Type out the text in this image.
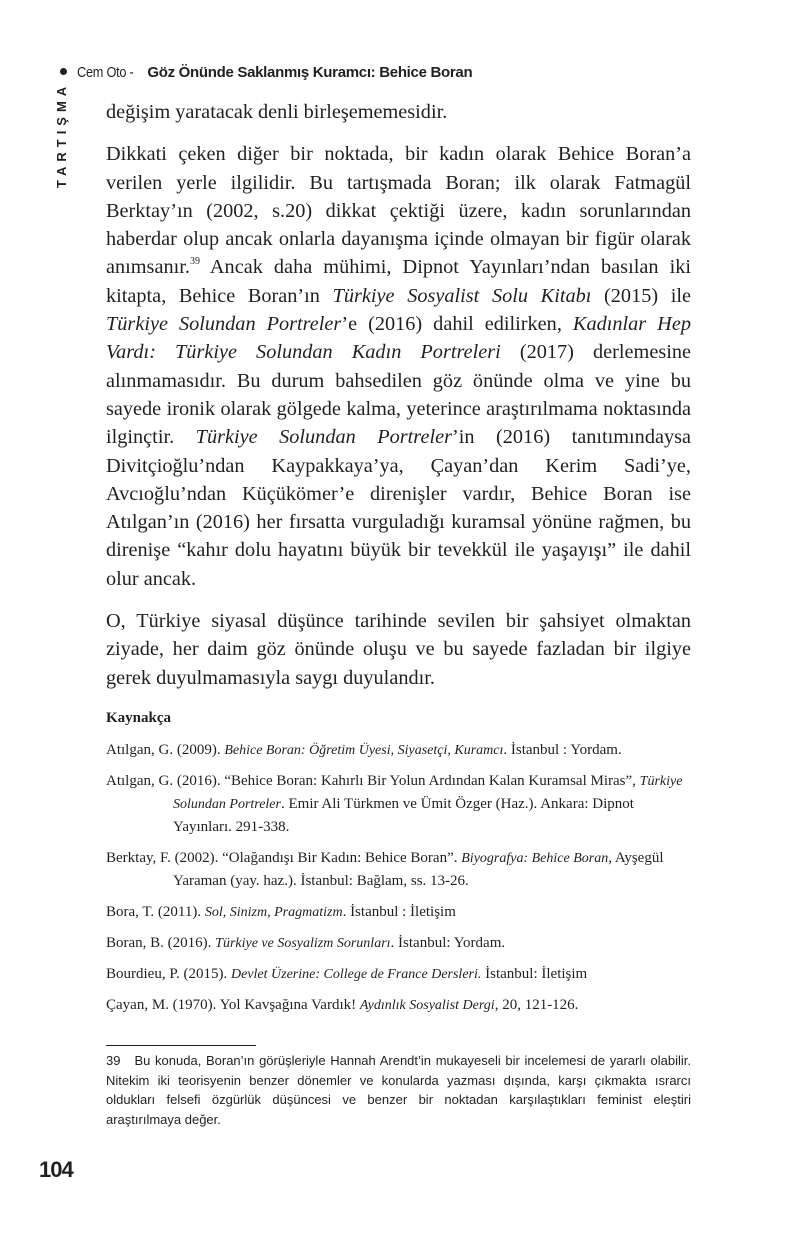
Cem Oto - Göz Önünde Saklanmış Kuramcı: Behice Boran
TARTIŞMA değişim yaratacak denli birleşememesidir.

Dikkati çeken diğer bir noktada, bir kadın olarak Behice Boran’a verilen yerle ilgilidir. Bu tartışmada Boran; ilk olarak Fatmagül Berktay’ın (2002, s.20) dikkat çektiği üzere, kadın sorunlarından haberdar olup ancak onlarla dayanışma içinde olmayan bir figür olarak anımsanır.$^{39}$ Ancak daha mühimi, Dipnot Yayınları’ndan basılan iki kitapta, Behice Boran’ın Türkiye Sosyalist Solu Kitabı (2015) ile Türkiye Solundan Portreler’e (2016) dahil edilirken, Kadınlar Hep Vardı: Türkiye Solundan Kadın Portreleri (2017) derlemesine alınmamasıdır. Bu durum bahsedilen göz önünde olma ve yine bu sayede ironik olarak gölgede kalma, yeterince araştırılmama noktasında ilginçtir. Türkiye Solundan Portreler’in (2016) tanıtımındaysa Divitçioğlu’ndan Kaypakkaya’ya, Çayan’dan Kerim Sadi’ye, Avcıoğlu’ndan Küçükömer’e direnişler vardır, Behice Boran ise Atılgan’ın (2016) her fırsatta vurguladığı kuramsal yönüne rağmen, bu direnişe “kahır dolu hayatını büyük bir tevekkül ile yaşayışı” ile dahil olur ancak.

O, Türkiye siyasal düşünce tarihinde sevilen bir şahsiyet olmaktan ziyade, her daim göz önünde oluşu ve bu sayede fazladan bir ilgiye gerek duyulmamasıyla saygı duyulandır.

Kaynakça
Atılgan, G. (2009). Behice Boran: Öğretim Üyesi, Siyasetçi, Kuramcı. İstanbul : Yordam.
Atılgan, G. (2016). “Behice Boran: Kahırlı Bir Yolun Ardından Kalan Kuramsal Miras”, Türkiye Solundan Portreler. Emir Ali Türkmen ve Ümit Özger (Haz.). Ankara: Dipnot Yayınları. 291-338.
Berktay, F. (2002). “Olağandışı Bir Kadın: Behice Boran”. Biyografya: Behice Boran, Ayşegül Yaraman (yay. haz.). İstanbul: Bağlam, ss. 13-26.
Bora, T. (2011). Sol, Sinizm, Pragmatizm. İstanbul : İletişim
Boran, B. (2016). Türkiye ve Sosyalizm Sorunları. İstanbul: Yordam.
Bourdieu, P. (2015). Devlet Üzerine: College de France Dersleri. İstanbul: İletişim
Çayan, M. (1970). Yol Kavşağına Vardık! Aydınlık Sosyalist Dergi, 20, 121-126.
39 Bu konuda, Boran’ın görüşleriyle Hannah Arendt’in mukayeseli bir incelemesi de yararlı olabilir. Nitekim iki teorisyenin benzer dönemler ve konularda yazması dışında, karşı çıkmakta ısrarcı oldukları felsefi özgürlük düşüncesi ve benzer bir noktadan karşılaştıkları feminist eleştiri araştırılmaya değer.
104
